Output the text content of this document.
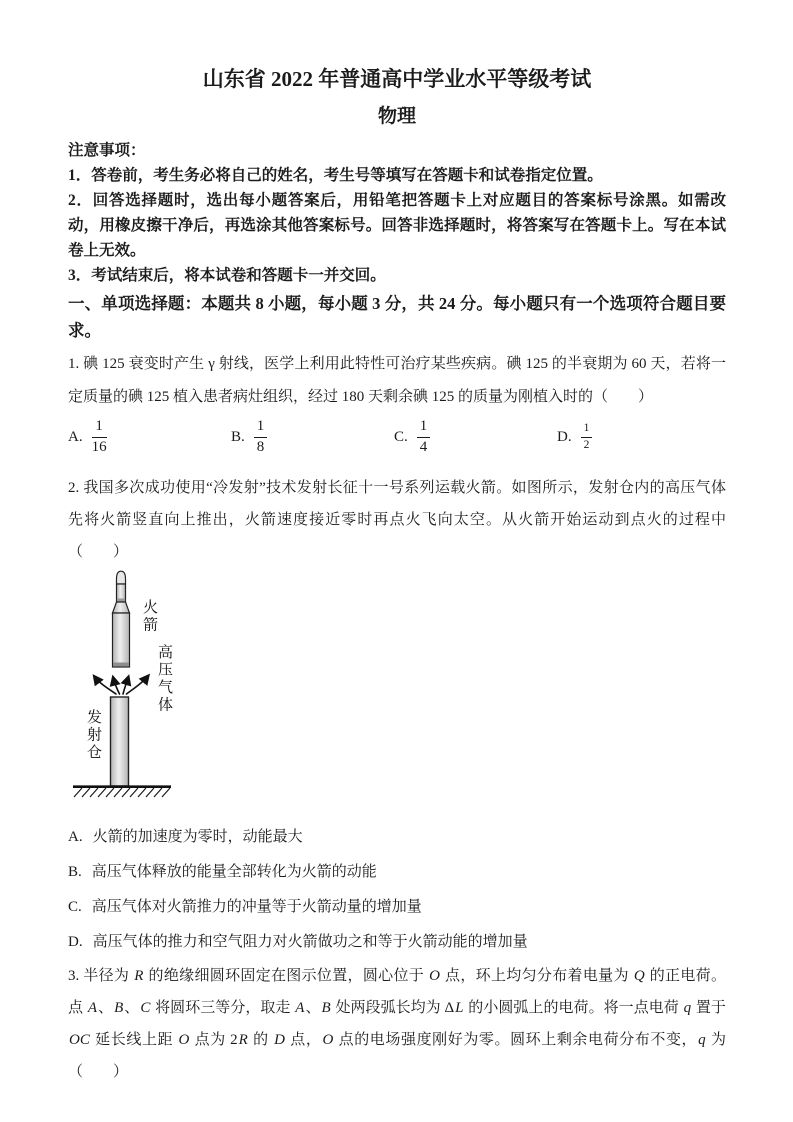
山东省 2022 年普通高中学业水平等级考试
物理
注意事项：

1．答卷前，考生务必将自己的姓名，考生号等填写在答题卡和试卷指定位置。

2．回答选择题时，选出每小题答案后，用铅笔把答题卡上对应题目的答案标号涂黑。如需改动，用橡皮擦干净后，再选涂其他答案标号。回答非选择题时，将答案写在答题卡上。写在本试卷上无效。

3．考试结束后，将本试卷和答题卡一并交回。

一、单项选择题：本题共 8 小题，每小题 3 分，共 24 分。每小题只有一个选项符合题目要求。

1. 碘 125 衰变时产生 γ 射线，医学上利用此特性可治疗某些疾病。碘 125 的半衰期为 60 天，若将一定质量的碘 125 植入患者病灶组织，经过 180 天剩余碘 125 的质量为刚植入时的（　　）

A. $\frac{1}{16}$	B. $\frac{1}{8}$	C. $\frac{1}{4}$	D. $\frac{1}{2}$

2. 我国多次成功使用“冷发射”技术发射长征十一号系列运载火箭。如图所示，发射仓内的高压气体先将火箭竖直向上推出，火箭速度接近零时再点火飞向太空。从火箭开始运动到点火的过程中（　　）

火箭
高压气体
发射仓

A. 火箭的加速度为零时，动能最大

B. 高压气体释放的能量全部转化为火箭的动能

C. 高压气体对火箭推力的冲量等于火箭动量的增加量

D. 高压气体的推力和空气阻力对火箭做功之和等于火箭动能的增加量

3. 半径为 R 的绝缘细圆环固定在图示位置，圆心位于 O 点，环上均匀分布着电量为 Q 的正电荷。点 A、B、C 将圆环三等分，取走 A、B 处两段弧长均为 ΔL 的小圆弧上的电荷。将一点电荷 q 置于 OC 延长线上距 O 点为 2R 的 D 点，O 点的电场强度刚好为零。圆环上剩余电荷分布不变，q 为（　　）
